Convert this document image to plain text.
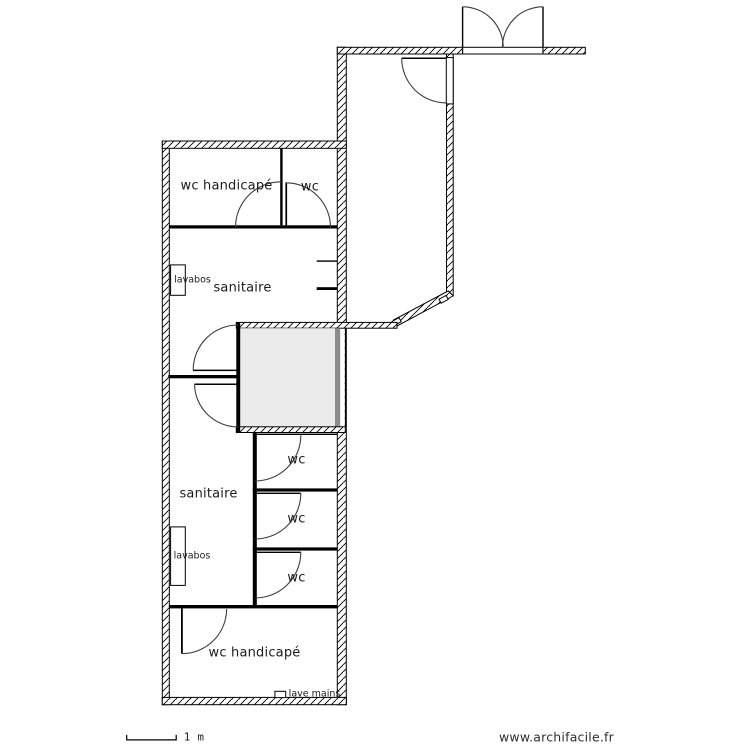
wc handicapé wc
sanitaire
lavabos
sanitaire
lavabos
wc
wc
wc
wc handicapé
lave mains
1 m	www.archifacile.fr
